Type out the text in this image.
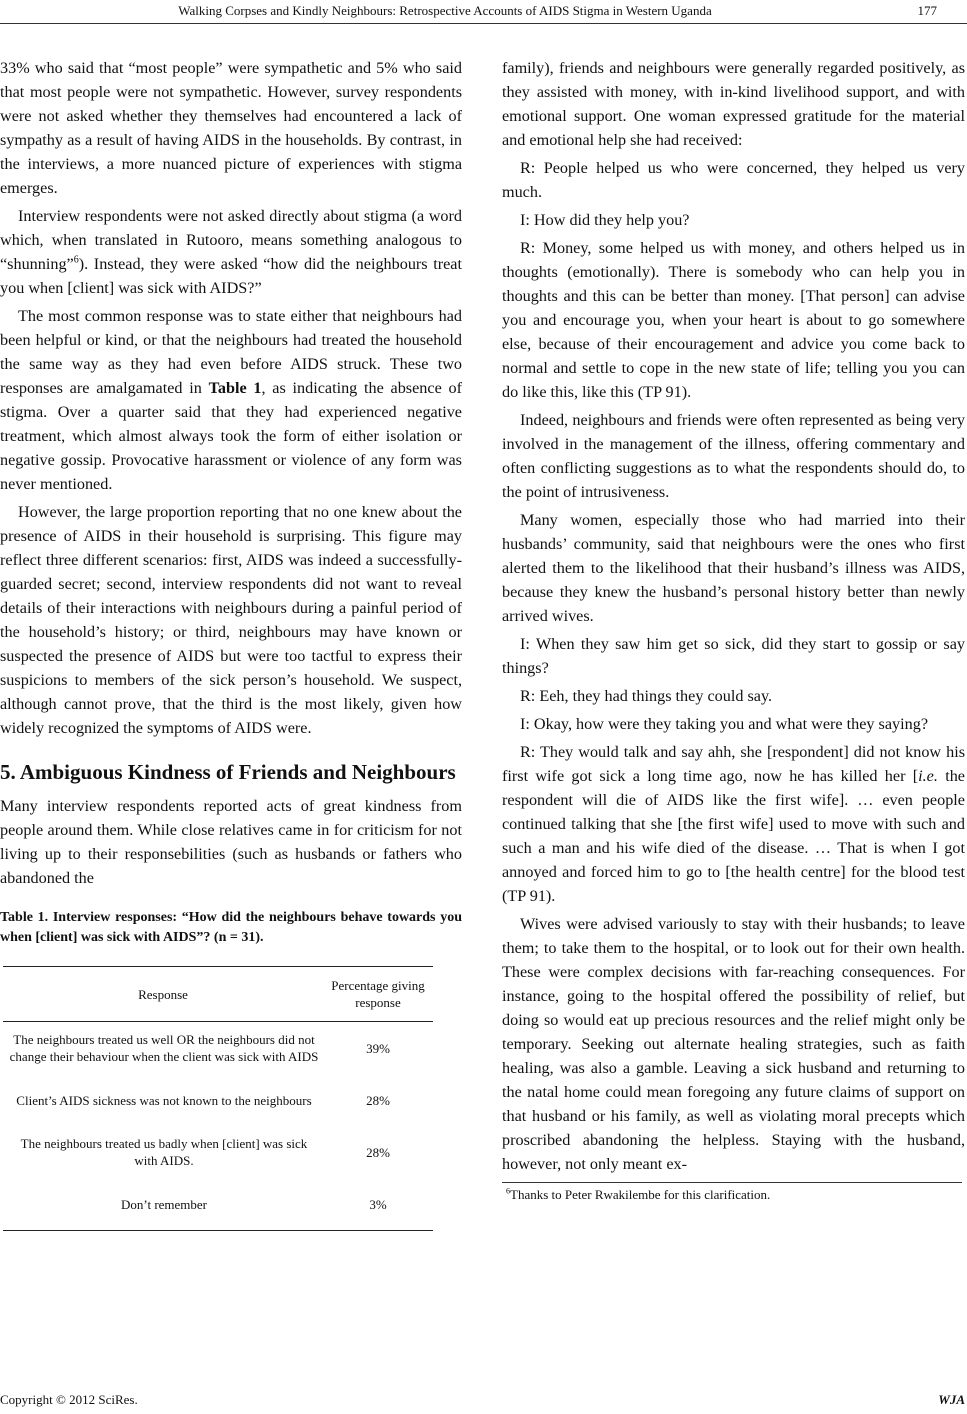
Walking Corpses and Kindly Neighbours: Retrospective Accounts of AIDS Stigma in Western Uganda	177

33% who said that “most people” were sympathetic and 5% who said that most people were not sympathetic. However, survey respondents were not asked whether they themselves had encountered a lack of sympathy as a result of having AIDS in the households. By contrast, in the interviews, a more nuanced picture of experiences with stigma emerges.

Interview respondents were not asked directly about stigma (a word which, when translated in Rutooro, means something analogous to “shunning”$^6$). Instead, they were asked “how did the neighbours treat you when [client] was sick with AIDS?”

The most common response was to state either that neighbours had been helpful or kind, or that the neighbours had treated the household the same way as they had even before AIDS struck. These two responses are amalgamated in Table 1, as indicating the absence of stigma. Over a quarter said that they had experienced negative treatment, which almost always took the form of either isolation or negative gossip. Provocative harassment or violence of any form was never mentioned.

However, the large proportion reporting that no one knew about the presence of AIDS in their household is surprising. This figure may reflect three different scenarios: first, AIDS was indeed a successfully-guarded secret; second, interview respondents did not want to reveal details of their interactions with neighbours during a painful period of the household’s history; or third, neighbours may have known or suspected the presence of AIDS but were too tactful to express their suspicions to members of the sick person’s household. We suspect, although cannot prove, that the third is the most likely, given how widely recognized the symptoms of AIDS were.

5. Ambiguous Kindness of Friends and Neighbours

Many interview respondents reported acts of great kindness from people around them. While close relatives came in for criticism for not living up to their responsebilities (such as husbands or fathers who abandoned the

Table 1. Interview responses: “How did the neighbours behave towards you when [client] was sick with AIDS”? (n = 31).
Response	Percentage giving response
The neighbours treated us well OR the neighbours did not change their behaviour when the client was sick with AIDS	39%
Client’s AIDS sickness was not known to the neighbours	28%
The neighbours treated us badly when [client] was sick with AIDS.	28%
Don’t remember	3%

family), friends and neighbours were generally regarded positively, as they assisted with money, with in-kind livelihood support, and with emotional support. One woman expressed gratitude for the material and emotional help she had received:

R: People helped us who were concerned, they helped us very much.

I: How did they help you?

R: Money, some helped us with money, and others helped us in thoughts (emotionally). There is somebody who can help you in thoughts and this can be better than money. [That person] can advise you and encourage you, when your heart is about to go somewhere else, because of their encouragement and advice you come back to normal and settle to cope in the new state of life; telling you you can do like this, like this (TP 91).

Indeed, neighbours and friends were often represented as being very involved in the management of the illness, offering commentary and often conflicting suggestions as to what the respondents should do, to the point of intrusiveness.

Many women, especially those who had married into their husbands’ community, said that neighbours were the ones who first alerted them to the likelihood that their husband’s illness was AIDS, because they knew the husband’s personal history better than newly arrived wives.

I: When they saw him get so sick, did they start to gossip or say things?

R: Eeh, they had things they could say.

I: Okay, how were they taking you and what were they saying?

R: They would talk and say ahh, she [respondent] did not know his first wife got sick a long time ago, now he has killed her [i.e. the respondent will die of AIDS like the first wife]. … even people continued talking that she [the first wife] used to move with such and such a man and his wife died of the disease. … That is when I got annoyed and forced him to go to [the health centre] for the blood test (TP 91).

Wives were advised variously to stay with their husbands; to leave them; to take them to the hospital, or to look out for their own health. These were complex decisions with far-reaching consequences. For instance, going to the hospital offered the possibility of relief, but doing so would eat up precious resources and the relief might only be temporary. Seeking out alternate healing strategies, such as faith healing, was also a gamble. Leaving a sick husband and returning to the natal home could mean foregoing any future claims of support on that husband or his family, as well as violating moral precepts which proscribed abandoning the helpless. Staying with the husband, however, not only meant ex-

$^6$Thanks to Peter Rwakilembe for this clarification.
Copyright © 2012 SciRes.	WJA
